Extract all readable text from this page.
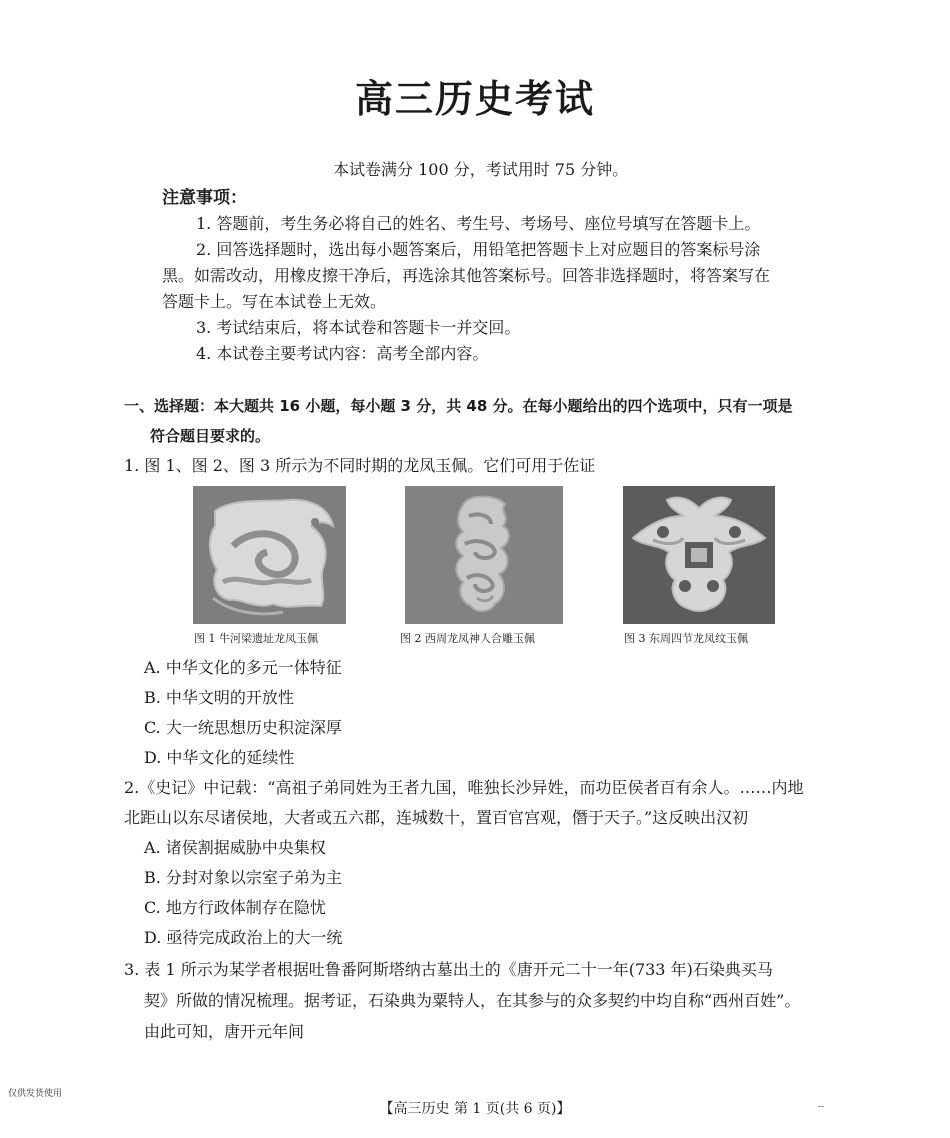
高三历史考试
本试卷满分 100 分，考试用时 75 分钟。
注意事项：
1. 答题前，考生务必将自己的姓名、考生号、考场号、座位号填写在答题卡上。
2. 回答选择题时，选出每小题答案后，用铅笔把答题卡上对应题目的答案标号涂
黑。如需改动，用橡皮擦干净后，再选涂其他答案标号。回答非选择题时，将答案写在
答题卡上。写在本试卷上无效。
3. 考试结束后，将本试卷和答题卡一并交回。
4. 本试卷主要考试内容：高考全部内容。
一、选择题：本大题共 16 小题，每小题 3 分，共 48 分。在每小题给出的四个选项中，只有一项是
符合题目要求的。
1. 图 1、图 2、图 3 所示为不同时期的龙凤玉佩。它们可用于佐证
图 1 牛河梁遗址龙凤玉佩	图 2 西周龙凤神人合雕玉佩	图 3 东周四节龙凤纹玉佩
A. 中华文化的多元一体特征
B. 中华文明的开放性
C. 大一统思想历史积淀深厚
D. 中华文化的延续性
2.《史记》中记载：“高祖子弟同姓为王者九国，唯独长沙异姓，而功臣侯者百有余人。……内地
北距山以东尽诸侯地，大者或五六郡，连城数十，置百官宫观，僭于天子。”这反映出汉初
A. 诸侯割据威胁中央集权
B. 分封对象以宗室子弟为主
C. 地方行政体制存在隐忧
D. 亟待完成政治上的大一统
3. 表 1 所示为某学者根据吐鲁番阿斯塔纳古墓出土的《唐开元二十一年(733 年)石染典买马
契》所做的情况梳理。据考证，石染典为粟特人，在其参与的众多契约中均自称“西州百姓”。
由此可知，唐开元年间
仅供发货使用
【高三历史 第 1 页(共 6 页)】	--
